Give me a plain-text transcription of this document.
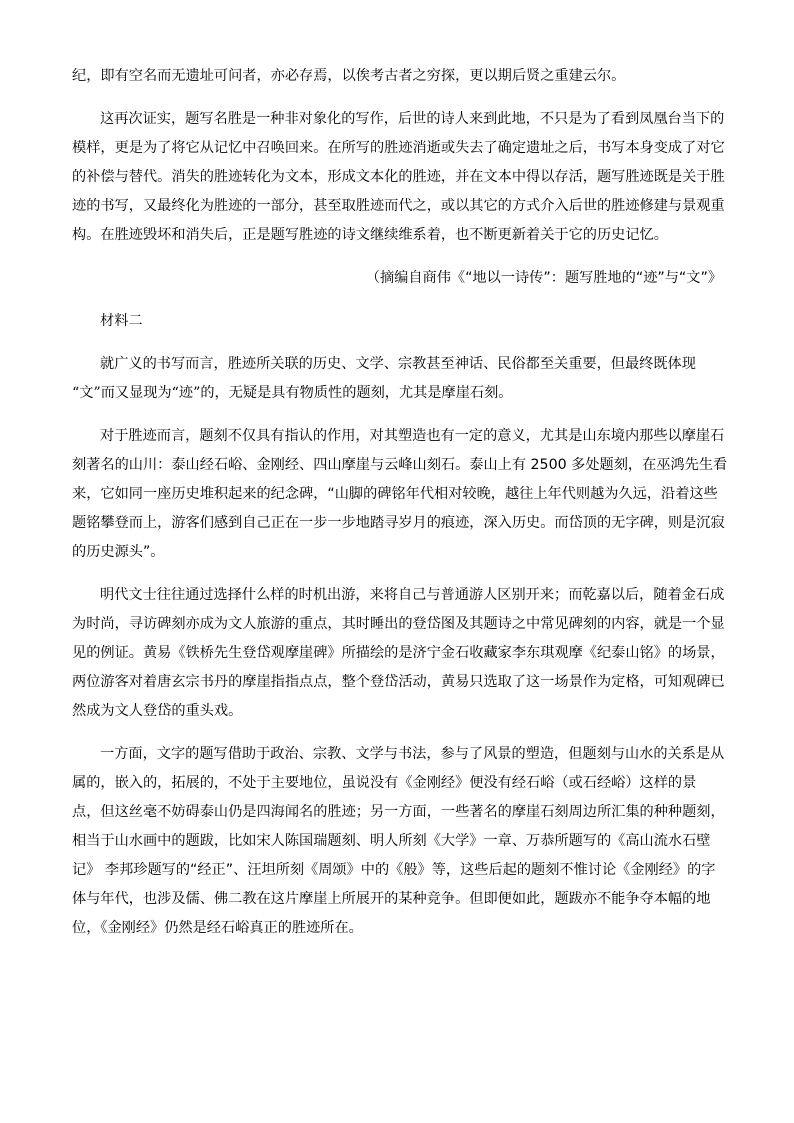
纪，即有空名而无遗址可问者，亦必存焉，以俟考古者之穷探，更以期后贤之重建云尔。
这再次证实，题写名胜是一种非对象化的写作，后世的诗人来到此地，不只是为了看到凤凰台当下的
模样，更是为了将它从记忆中召唤回来。在所写的胜迹消逝或失去了确定遗址之后，书写本身变成了对它
的补偿与替代。消失的胜迹转化为文本，形成文本化的胜迹，并在文本中得以存活，题写胜迹既是关于胜
迹的书写，又最终化为胜迹的一部分，甚至取胜迹而代之，或以其它的方式介入后世的胜迹修建与景观重
构。在胜迹毁坏和消失后，正是题写胜迹的诗文继续维系着，也不断更新着关于它的历史记忆。
（摘编自商伟《“地以一诗传”：题写胜地的“迹”与“文”》
材料二
就广义的书写而言，胜迹所关联的历史、文学、宗教甚至神话、民俗都至关重要，但最终既体现
“文”而又显现为“迹”的，无疑是具有物质性的题刻，尤其是摩崖石刻。
对于胜迹而言，题刻不仅具有指认的作用，对其塑造也有一定的意义，尤其是山东境内那些以摩崖石
刻著名的山川：泰山经石峪、金刚经、四山摩崖与云峰山刻石。泰山上有 2500 多处题刻，在巫鸿先生看
来，它如同一座历史堆积起来的纪念碑，“山脚的碑铭年代相对较晚，越往上年代则越为久远，沿着这些
题铭攀登而上，游客们感到自己正在一步一步地踏寻岁月的痕迹，深入历史。而岱顶的无字碑，则是沉寂
的历史源头”。
明代文士往往通过选择什么样的时机出游，来将自己与普通游人区别开来；而乾嘉以后，随着金石成
为时尚，寻访碑刻亦成为文人旅游的重点，其时睡出的登岱图及其题诗之中常见碑刻的内容，就是一个显
见的例证。黄易《铁桥先生登岱观摩崖碑》所描绘的是济宁金石收藏家李东琪观摩《纪泰山铭》的场景，
两位游客对着唐玄宗书丹的摩崖指指点点，整个登岱活动，黄易只选取了这一场景作为定格，可知观碑已
然成为文人登岱的重头戏。
一方面，文字的题写借助于政治、宗教、文学与书法，参与了风景的塑造，但题刻与山水的关系是从
属的，嵌入的，拓展的，不处于主要地位，虽说没有《金刚经》便没有经石峪（或石经峪）这样的景
点，但这丝毫不妨碍泰山仍是四海闻名的胜迹；另一方面，一些著名的摩崖石刻周边所汇集的种种题刻，
相当于山水画中的题跋，比如宋人陈国瑞题刻、明人所刻《大学》一章、万恭所题写的《高山流水石壁
记》 李邦珍题写的“经正”、汪坦所刻《周颂》中的《般》等，这些后起的题刻不惟讨论《金刚经》的字
体与年代，也涉及儒、佛二教在这片摩崖上所展开的某种竞争。但即便如此，题跋亦不能争夺本幅的地
位，《金刚经》仍然是经石峪真正的胜迹所在。
